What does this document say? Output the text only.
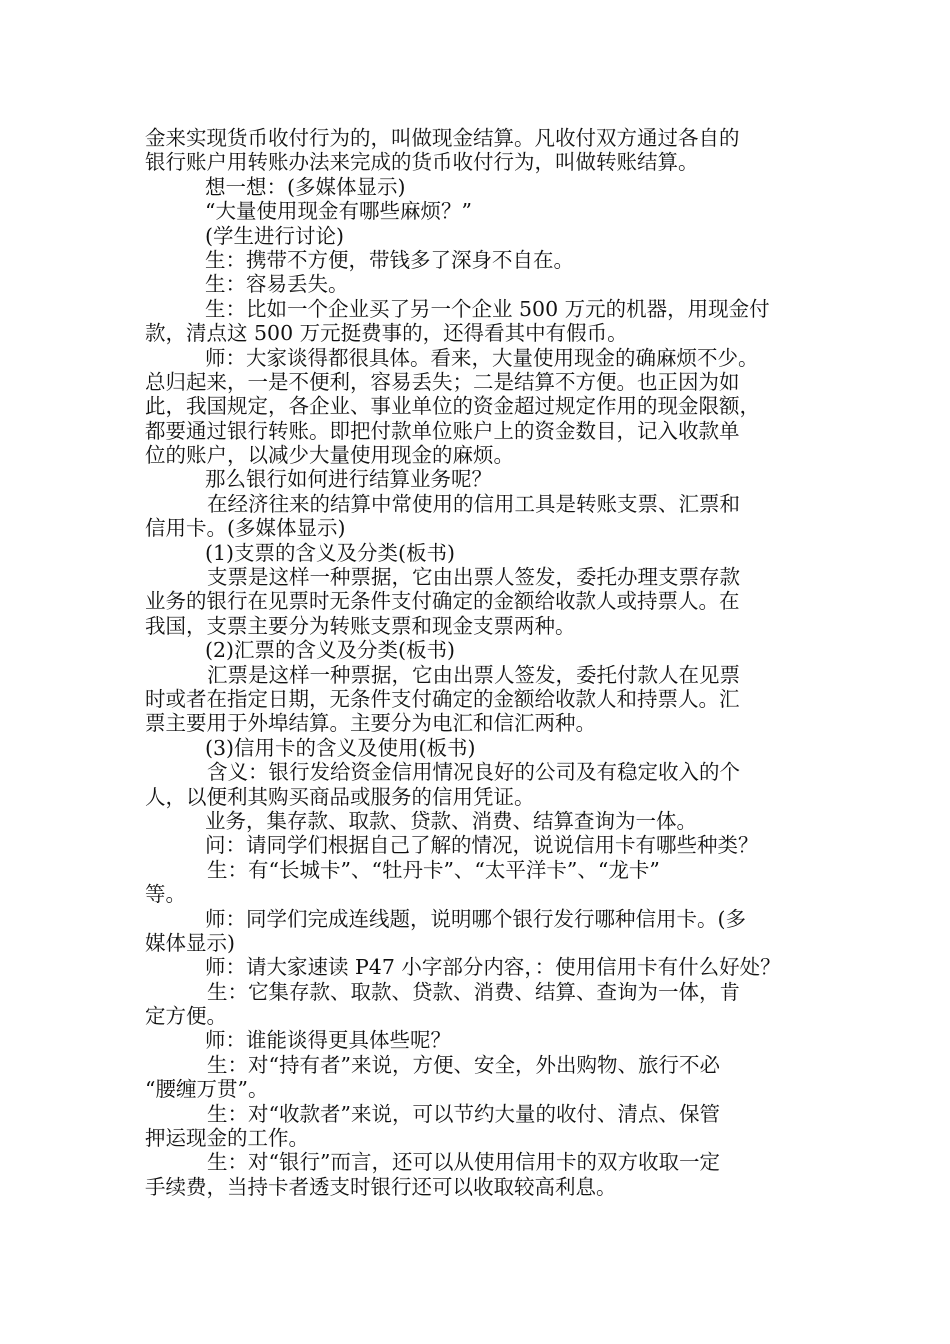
金来实现货币收付行为的，叫做现金结算。凡收付双方通过各自的
银行账户用转账办法来完成的货币收付行为，叫做转账结算。
想一想：(多媒体显示)
“大量使用现金有哪些麻烦？”
(学生进行讨论)
生：携带不方便，带钱多了深身不自在。
生：容易丢失。
生：比如一个企业买了另一个企业 500 万元的机器，用现金付
款，清点这 500 万元挺费事的，还得看其中有假币。
师：大家谈得都很具体。看来，大量使用现金的确麻烦不少。
总归起来，一是不便利，容易丢失；二是结算不方便。也正因为如
此，我国规定，各企业、事业单位的资金超过规定作用的现金限额，
都要通过银行转账。即把付款单位账户上的资金数目，记入收款单
位的账户，以减少大量使用现金的麻烦。
那么银行如何进行结算业务呢？
在经济往来的结算中常使用的信用工具是转账支票、汇票和
信用卡。(多媒体显示)
(1)支票的含义及分类(板书)
支票是这样一种票据，它由出票人签发，委托办理支票存款
业务的银行在见票时无条件支付确定的金额给收款人或持票人。在
我国，支票主要分为转账支票和现金支票两种。
(2)汇票的含义及分类(板书)
汇票是这样一种票据，它由出票人签发，委托付款人在见票
时或者在指定日期，无条件支付确定的金额给收款人和持票人。汇
票主要用于外埠结算。主要分为电汇和信汇两种。
(3)信用卡的含义及使用(板书)
含义：银行发给资金信用情况良好的公司及有稳定收入的个
人，以便利其购买商品或服务的信用凭证。
业务，集存款、取款、贷款、消费、结算查询为一体。
问：请同学们根据自己了解的情况，说说信用卡有哪些种类？
生：有“长城卡”、“牡丹卡”、“太平洋卡”、“龙卡”
等。
师：同学们完成连线题，说明哪个银行发行哪种信用卡。(多
媒体显示)
师：请大家速读 P47 小字部分内容，：使用信用卡有什么好处？
生：它集存款、取款、贷款、消费、结算、查询为一体，肯
定方便。
师：谁能谈得更具体些呢？
生：对“持有者”来说，方便、安全，外出购物、旅行不必
“腰缠万贯”。
生：对“收款者”来说，可以节约大量的收付、清点、保管
押运现金的工作。
生：对“银行”而言，还可以从使用信用卡的双方收取一定
手续费，当持卡者透支时银行还可以收取较高利息。
